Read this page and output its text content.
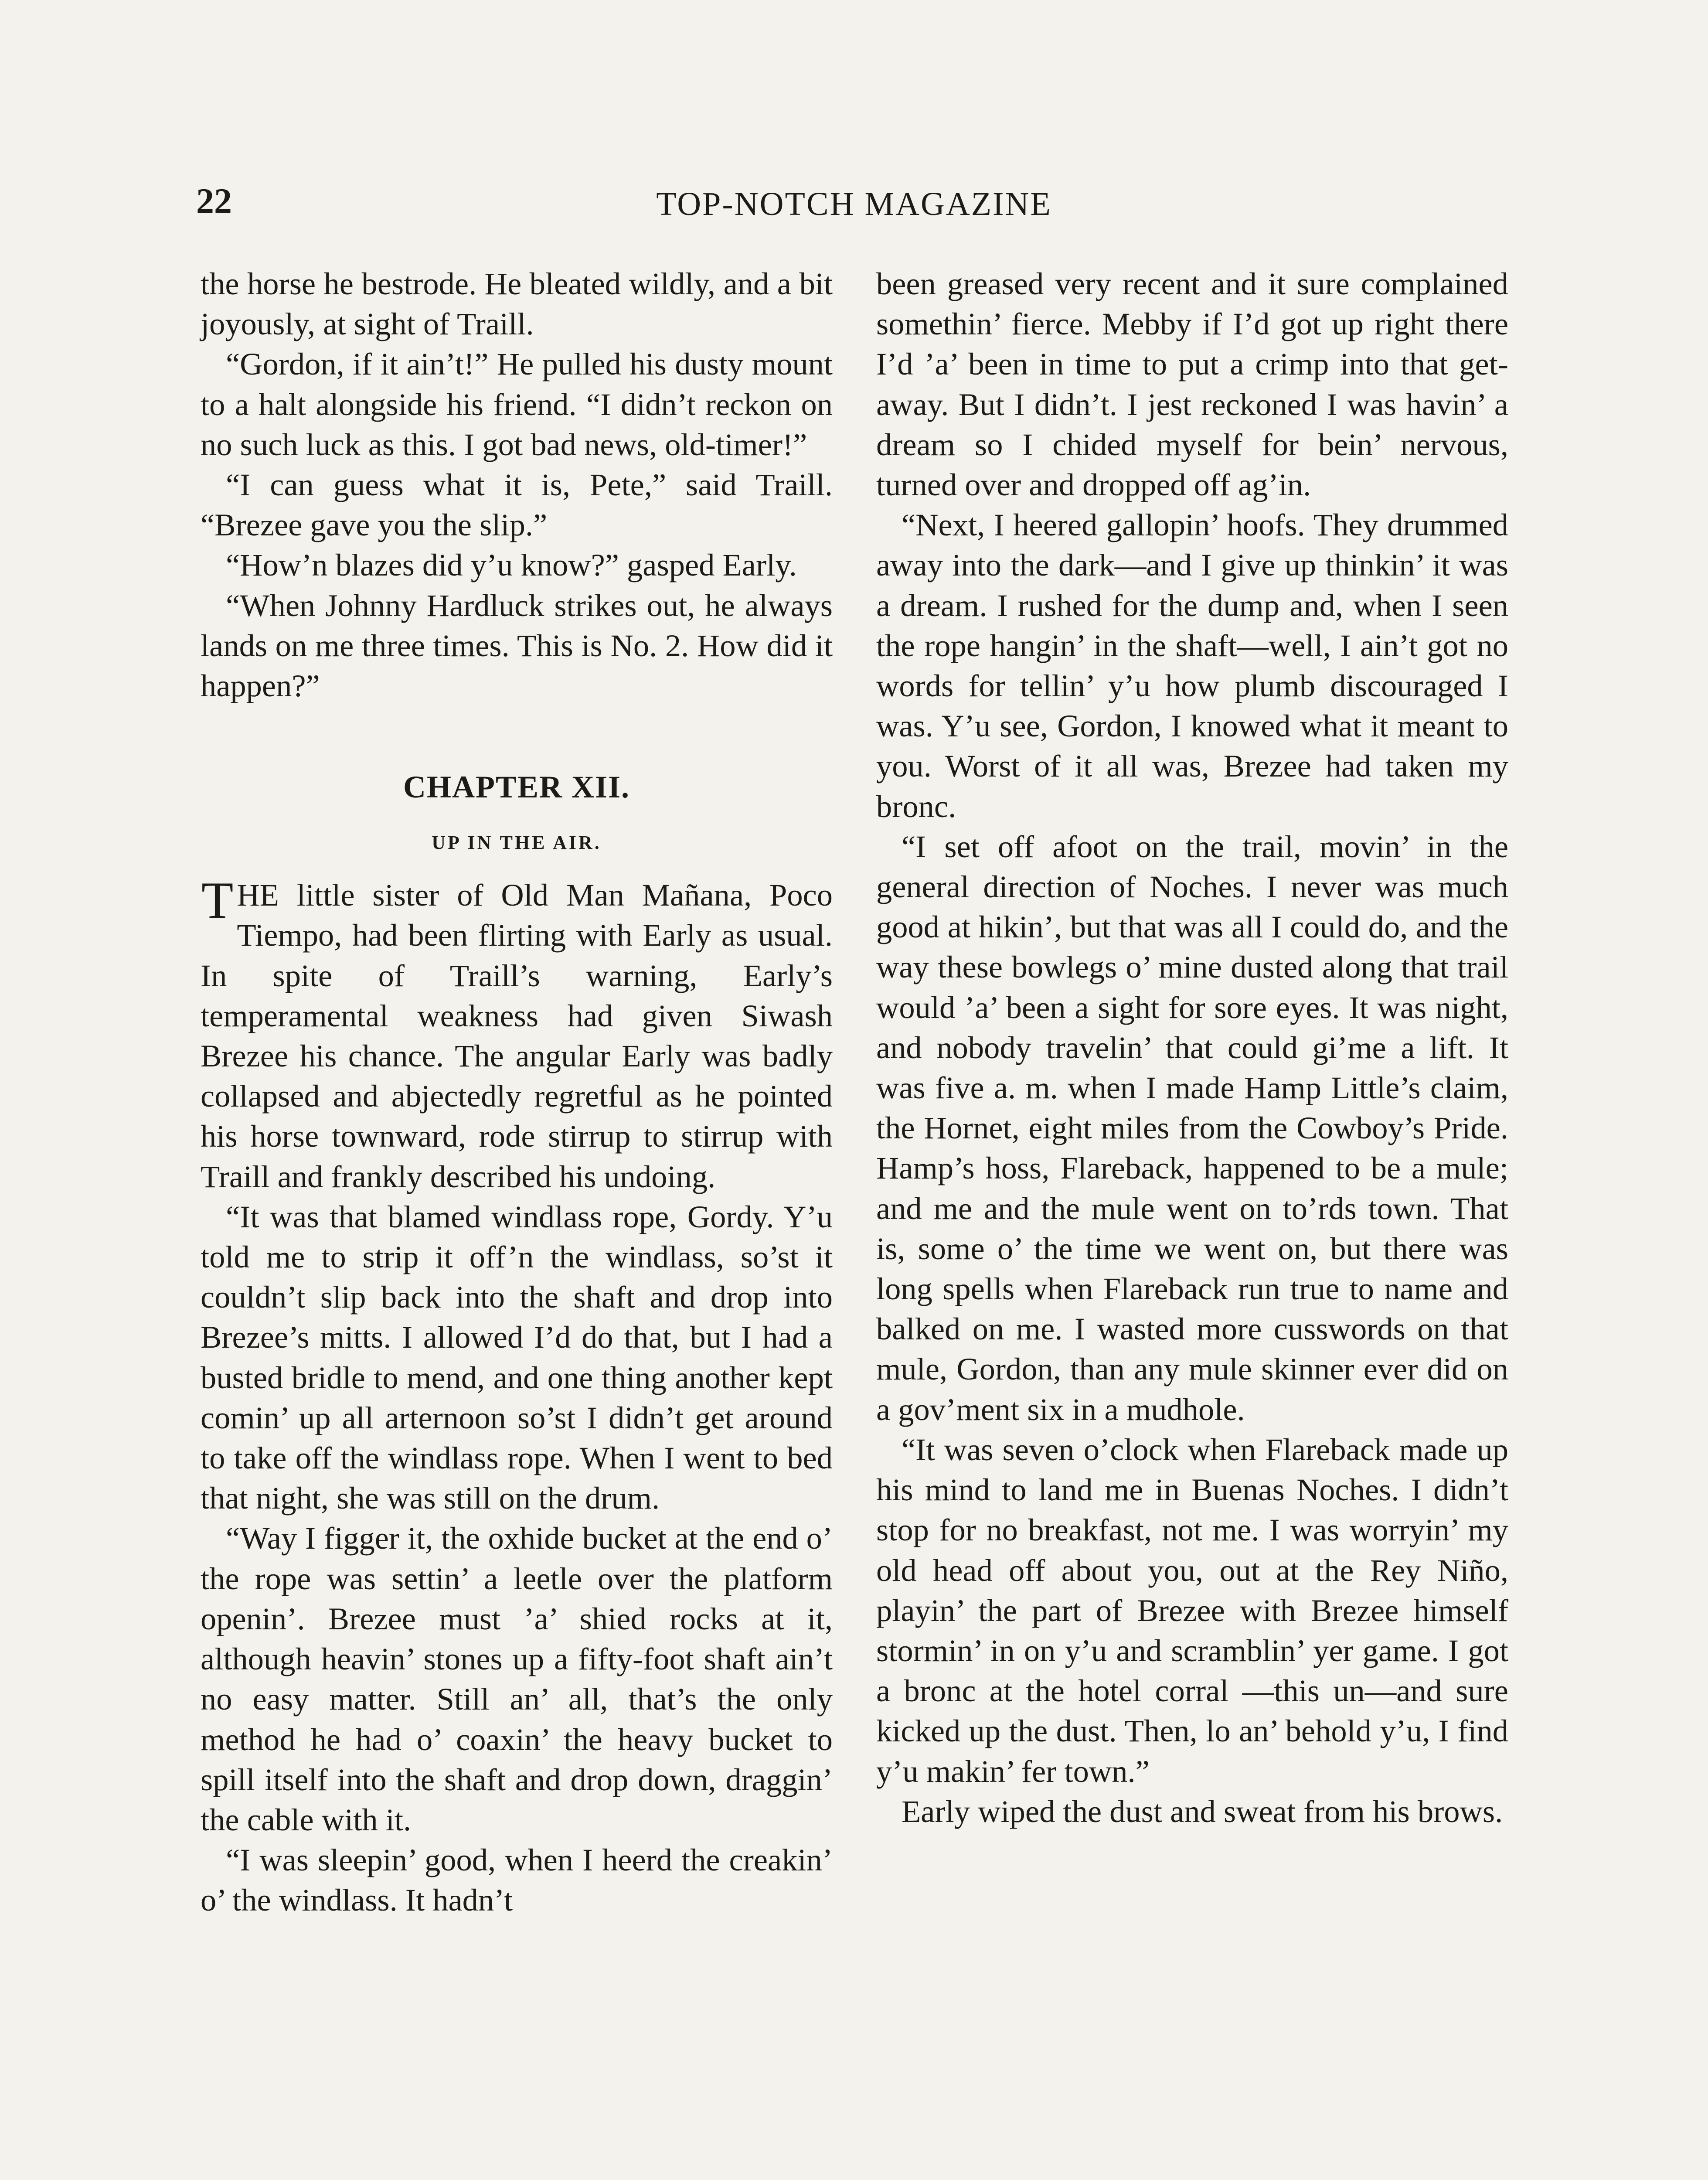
22	TOP-NOTCH MAGAZINE

the horse he bestrode. He bleated wildly, and a bit joyously, at sight of Traill.

“Gordon, if it ain’t!” He pulled his dusty mount to a halt alongside his friend. “I didn’t reckon on no such luck as this. I got bad news, old-timer!”

“I can guess what it is, Pete,” said Traill. “Brezee gave you the slip.”

“How’n blazes did y’u know?” gasped Early.

“When Johnny Hardluck strikes out, he always lands on me three times. This is No. 2. How did it happen?”

CHAPTER XII.
UP IN THE AIR.

THE little sister of Old Man Mañana, Poco Tiempo, had been flirting with Early as usual. In spite of Traill’s warning, Early’s temperamental weakness had given Siwash Brezee his chance. The angular Early was badly collapsed and abjectedly regretful as he pointed his horse townward, rode stirrup to stirrup with Traill and frankly described his undoing.

“It was that blamed windlass rope, Gordy. Y’u told me to strip it off’n the windlass, so’st it couldn’t slip back into the shaft and drop into Brezee’s mitts. I allowed I’d do that, but I had a busted bridle to mend, and one thing another kept comin’ up all arternoon so’st I didn’t get around to take off the windlass rope. When I went to bed that night, she was still on the drum.

“Way I figger it, the oxhide bucket at the end o’ the rope was settin’ a leetle over the platform openin’. Brezee must ’a’ shied rocks at it, although heavin’ stones up a fifty-foot shaft ain’t no easy matter. Still an’ all, that’s the only method he had o’ coaxin’ the heavy bucket to spill itself into the shaft and drop down, draggin’ the cable with it.

“I was sleepin’ good, when I heerd the creakin’ o’ the windlass. It hadn’t

been greased very recent and it sure complained somethin’ fierce. Mebby if I’d got up right there I’d ’a’ been in time to put a crimp into that get-away. But I didn’t. I jest reckoned I was havin’ a dream so I chided myself for bein’ nervous, turned over and dropped off ag’in.

“Next, I heered gallopin’ hoofs. They drummed away into the dark—and I give up thinkin’ it was a dream. I rushed for the dump and, when I seen the rope hangin’ in the shaft—well, I ain’t got no words for tellin’ y’u how plumb discouraged I was. Y’u see, Gordon, I knowed what it meant to you. Worst of it all was, Brezee had taken my bronc.

“I set off afoot on the trail, movin’ in the general direction of Noches. I never was much good at hikin’, but that was all I could do, and the way these bowlegs o’ mine dusted along that trail would ’a’ been a sight for sore eyes. It was night, and nobody travelin’ that could gi’me a lift. It was five a. m. when I made Hamp Little’s claim, the Hornet, eight miles from the Cowboy’s Pride. Hamp’s hoss, Flareback, happened to be a mule; and me and the mule went on to’rds town. That is, some o’ the time we went on, but there was long spells when Flareback run true to name and balked on me. I wasted more cusswords on that mule, Gordon, than any mule skinner ever did on a gov’ment six in a mudhole.

“It was seven o’clock when Flareback made up his mind to land me in Buenas Noches. I didn’t stop for no breakfast, not me. I was worryin’ my old head off about you, out at the Rey Niño, playin’ the part of Brezee with Brezee himself stormin’ in on y’u and scramblin’ yer game. I got a bronc at the hotel corral —this un—and sure kicked up the dust. Then, lo an’ behold y’u, I find y’u makin’ fer town.”

Early wiped the dust and sweat from his brows.
